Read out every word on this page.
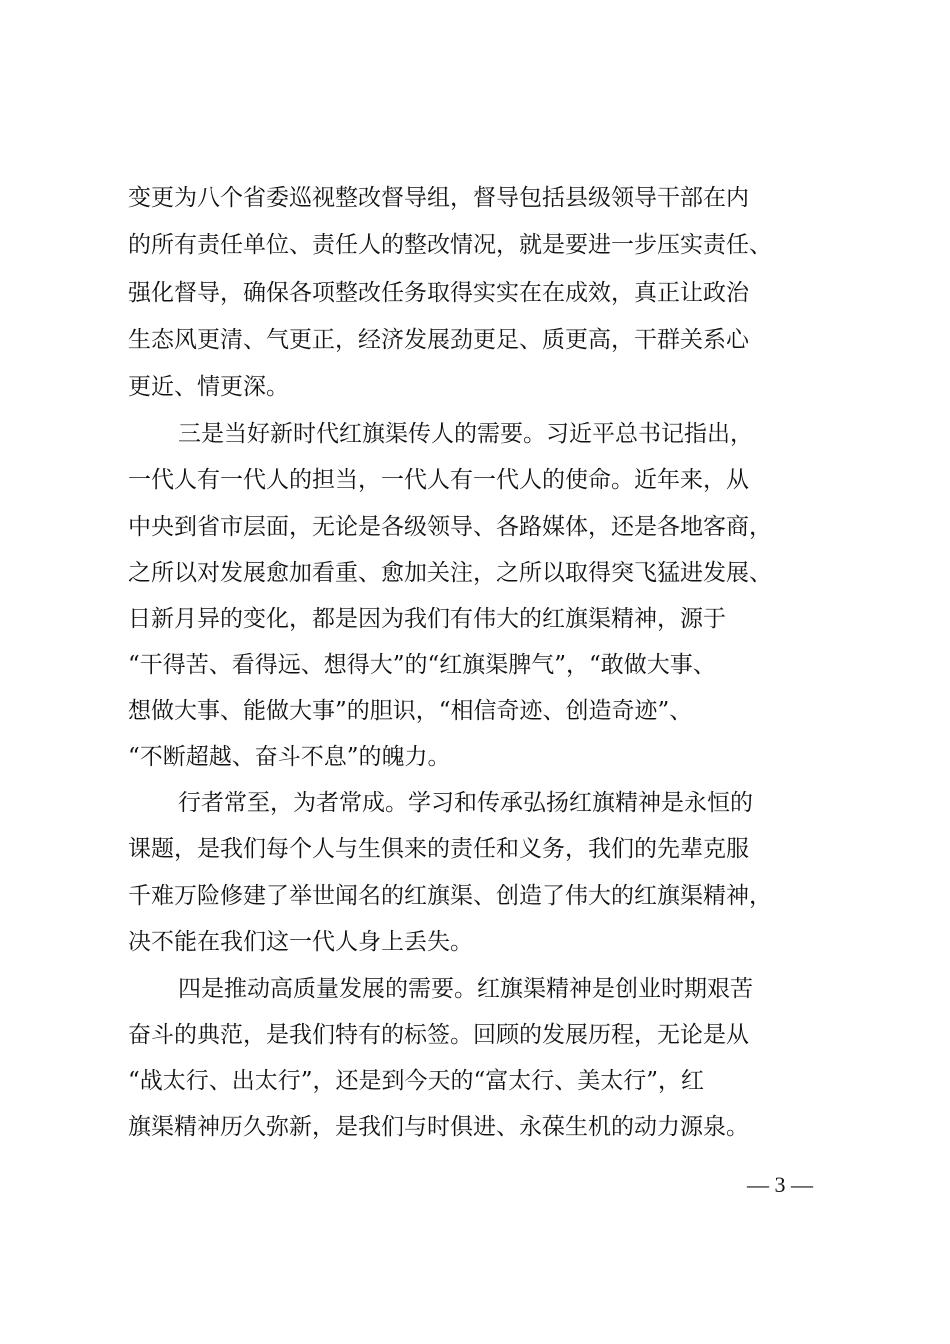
变更为八个省委巡视整改督导组，督导包括县级领导干部在内
的所有责任单位、责任人的整改情况，就是要进一步压实责任、
强化督导，确保各项整改任务取得实实在在成效，真正让政治
生态风更清、气更正，经济发展劲更足、质更高，干群关系心
更近、情更深。
三是当好新时代红旗渠传人的需要。习近平总书记指出，
一代人有一代人的担当，一代人有一代人的使命。近年来，从
中央到省市层面，无论是各级领导、各路媒体，还是各地客商，
之所以对发展愈加看重、愈加关注，之所以取得突飞猛进发展、
日新月异的变化，都是因为我们有伟大的红旗渠精神，源于
“干得苦、看得远、想得大”的“红旗渠脾气”，“敢做大事、
想做大事、能做大事”的胆识，“相信奇迹、创造奇迹”、
“不断超越、奋斗不息”的魄力。
行者常至，为者常成。学习和传承弘扬红旗精神是永恒的
课题，是我们每个人与生俱来的责任和义务，我们的先辈克服
千难万险修建了举世闻名的红旗渠、创造了伟大的红旗渠精神，
决不能在我们这一代人身上丢失。
四是推动高质量发展的需要。红旗渠精神是创业时期艰苦
奋斗的典范，是我们特有的标签。回顾的发展历程，无论是从
“战太行、出太行”，还是到今天的“富太行、美太行”，红
旗渠精神历久弥新，是我们与时俱进、永葆生机的动力源泉。
— 3 —
